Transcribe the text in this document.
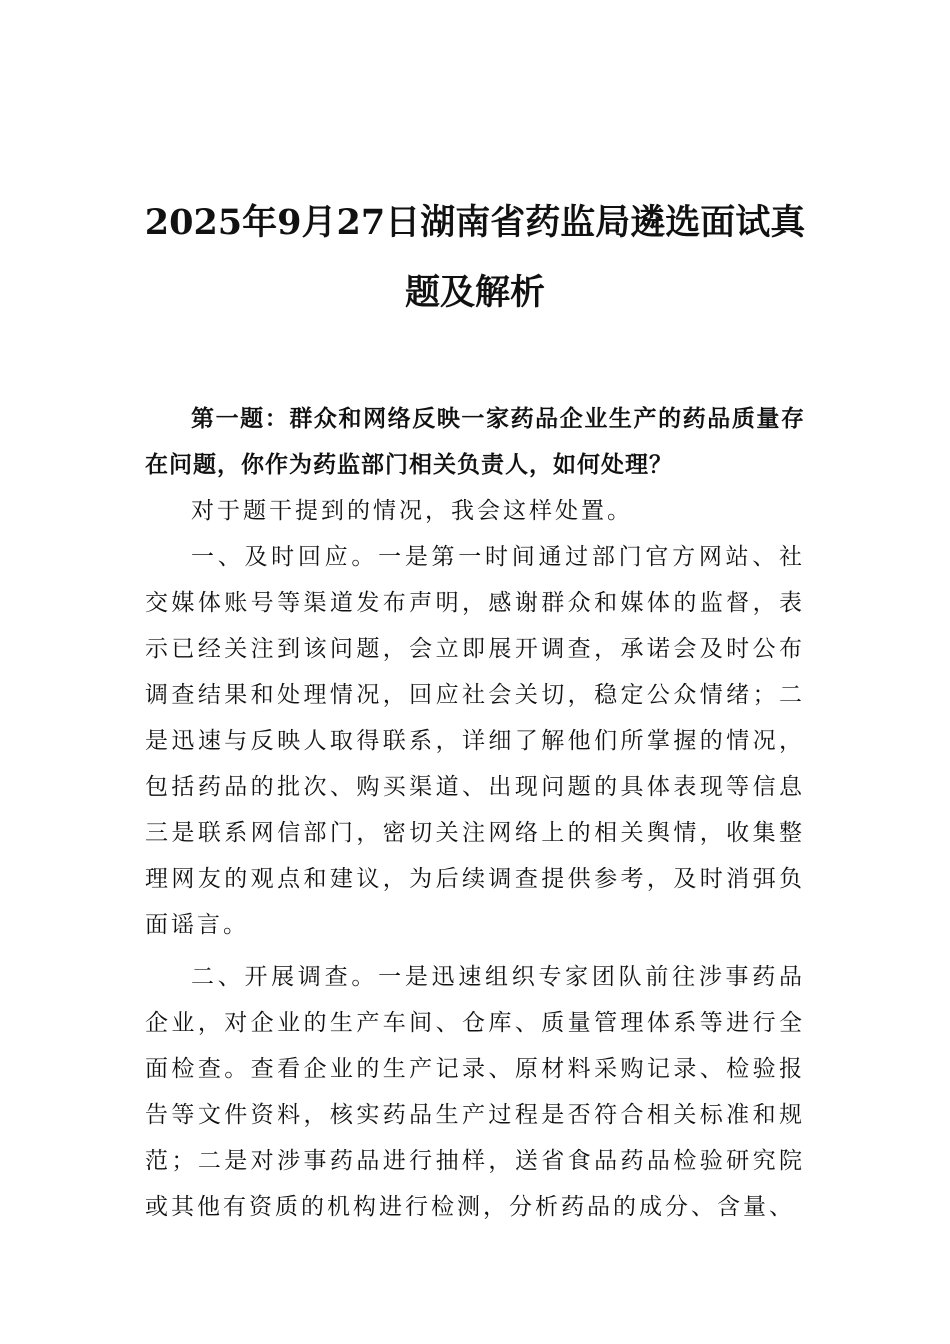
2025年9月27日湖南省药监局遴选面试真题及解析

第一题：群众和网络反映一家药品企业生产的药品质量存在问题，你作为药监部门相关负责人，如何处理？

对于题干提到的情况，我会这样处置。

一、及时回应。一是第一时间通过部门官方网站、社交媒体账号等渠道发布声明，感谢群众和媒体的监督，表示已经关注到该问题，会立即展开调查，承诺会及时公布调查结果和处理情况，回应社会关切，稳定公众情绪；二是迅速与反映人取得联系，详细了解他们所掌握的情况，包括药品的批次、购买渠道、出现问题的具体表现等信息三是联系网信部门，密切关注网络上的相关舆情，收集整理网友的观点和建议，为后续调查提供参考，及时消弭负面谣言。

二、开展调查。一是迅速组织专家团队前往涉事药品企业，对企业的生产车间、仓库、质量管理体系等进行全面检查。查看企业的生产记录、原材料采购记录、检验报告等文件资料，核实药品生产过程是否符合相关标准和规范；二是对涉事药品进行抽样，送省食品药品检验研究院或其他有资质的机构进行检测，分析药品的成分、含量、
